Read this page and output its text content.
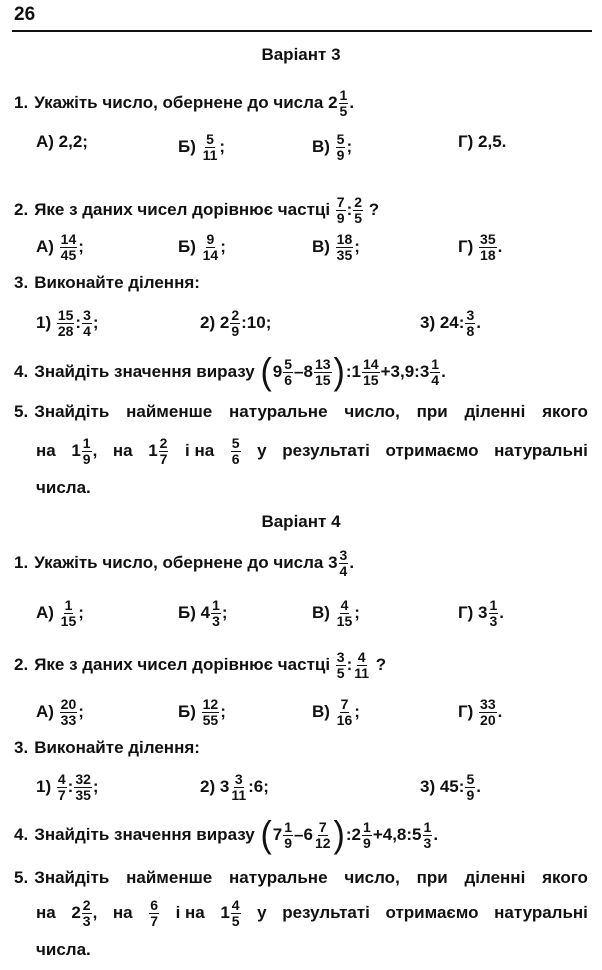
26
Варіант 3
1. Укажіть число, обернене до числа $2 \frac{1}{5}$ .
А) 2,2;	$Б) \frac{5}{11}$ ;	$В) \frac{5}{9}$ ;	Г) 2,5.
2. Яке з даних чисел дорівнює частці $\frac{7}{9}$ : $\frac{2}{5}$ ?
$А) \frac{14}{45}$ ;	$Б) \frac{9}{14}$ ;	$В) \frac{18}{35}$ ;	$Г) \frac{35}{18}$ .
3. Виконайте ділення:
$1) \frac{15}{28}$ : $\frac{3}{4}$ ;	2) $2 \frac{2}{9}$ : 10;	3) 24 : $\frac{3}{8}$ .
4. Знайдіть значення виразу ( $9 \frac{5}{6} - 8 \frac{13}{15}$ ) : $1 \frac{14}{15} +3,9$: $3 \frac{1}{4}$ .
5. Знайдіть найменше натуральне число, при діленні якого
на $1 \frac{1}{9}$ , на $1 \frac{2}{7}$ і на $\frac{5}{6}$ у результаті отримаємо натуральні
числа.
Варіант 4
1. Укажіть число, обернене до числа $3 \frac{3}{4}$ .
$А) \frac{1}{15}$ ;	Б) $4 \frac{1}{3}$ ;	$В) \frac{4}{15}$ ;	Г) $3 \frac{1}{3}$ .
2. Яке з даних чисел дорівнює частці $\frac{3}{5}$ : $\frac{4}{11}$ ?
$А) \frac{20}{33}$ ;	$Б) \frac{12}{55}$ ;	$В) \frac{7}{16}$ ;	$Г) \frac{33}{20}$ .
3. Виконайте ділення:
$1) \frac{4}{7}$ : $\frac{32}{35}$ ;	2) $3 \frac{3}{11}$ : 6;	3) 45 : $\frac{5}{9}$ .
4. Знайдіть значення виразу ( $7 \frac{1}{9} - 6 \frac{7}{12}$ ) : $2 \frac{1}{9} +4,8$: $5 \frac{1}{3}$ .
5. Знайдіть найменше натуральне число, при діленні якого
на $2 \frac{2}{3}$ , на $\frac{6}{7}$ і на $1 \frac{4}{5}$ у результаті отримаємо натуральні
числа.
